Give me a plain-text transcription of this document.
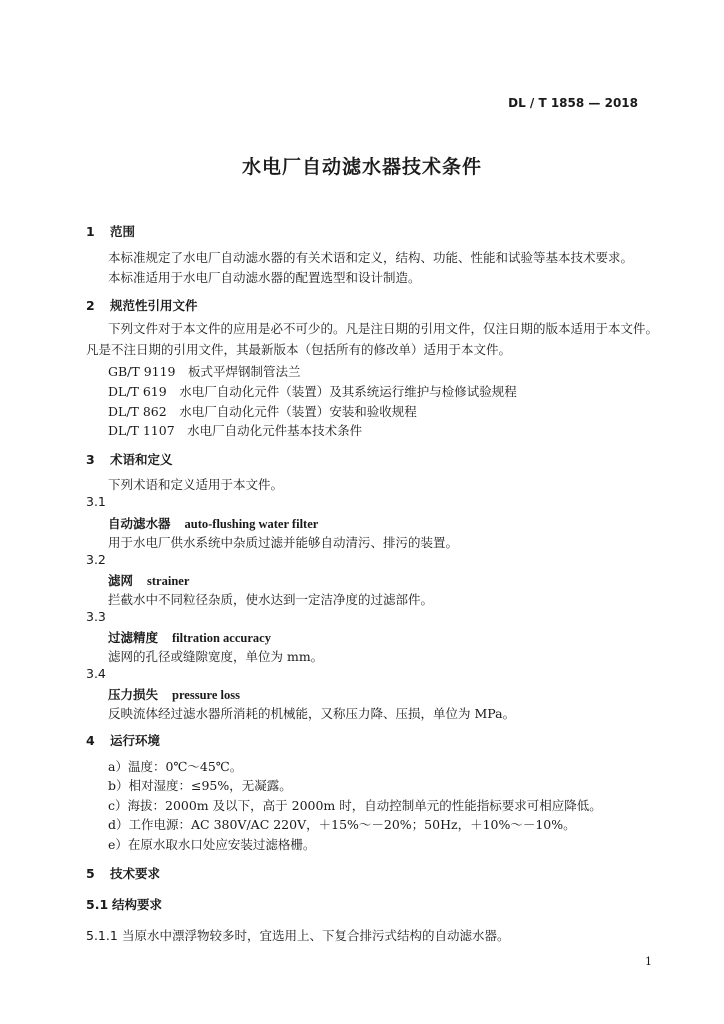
DL / T 1858 — 2018
水电厂自动滤水器技术条件
1 范围
本标准规定了水电厂自动滤水器的有关术语和定义，结构、功能、性能和试验等基本技术要求。
本标准适用于水电厂自动滤水器的配置选型和设计制造。
2 规范性引用文件
下列文件对于本文件的应用是必不可少的。凡是注日期的引用文件，仅注日期的版本适用于本文件。凡是不注日期的引用文件，其最新版本（包括所有的修改单）适用于本文件。
GB/T 9119　板式平焊钢制管法兰
DL/T 619　水电厂自动化元件（装置）及其系统运行维护与检修试验规程
DL/T 862　水电厂自动化元件（装置）安装和验收规程
DL/T 1107　水电厂自动化元件基本技术条件
3 术语和定义
下列术语和定义适用于本文件。
3.1
自动滤水器 auto-flushing water filter
用于水电厂供水系统中杂质过滤并能够自动清污、排污的装置。
3.2
滤网 strainer
拦截水中不同粒径杂质，使水达到一定洁净度的过滤部件。
3.3
过滤精度 filtration accuracy
滤网的孔径或缝隙宽度，单位为 mm。
3.4
压力损失 pressure loss
反映流体经过滤水器所消耗的机械能，又称压力降、压损，单位为 MPa。
4 运行环境
a）温度：0℃～45℃。
b）相对湿度：≤95%，无凝露。
c）海拔：2000m 及以下，高于 2000m 时，自动控制单元的性能指标要求可相应降低。
d）工作电源：AC 380V/AC 220V，＋15%～－20%；50Hz，＋10%～－10%。
e）在原水取水口处应安装过滤格栅。
5 技术要求
5.1 结构要求
5.1.1 当原水中漂浮物较多时，宜选用上、下复合排污式结构的自动滤水器。
1
